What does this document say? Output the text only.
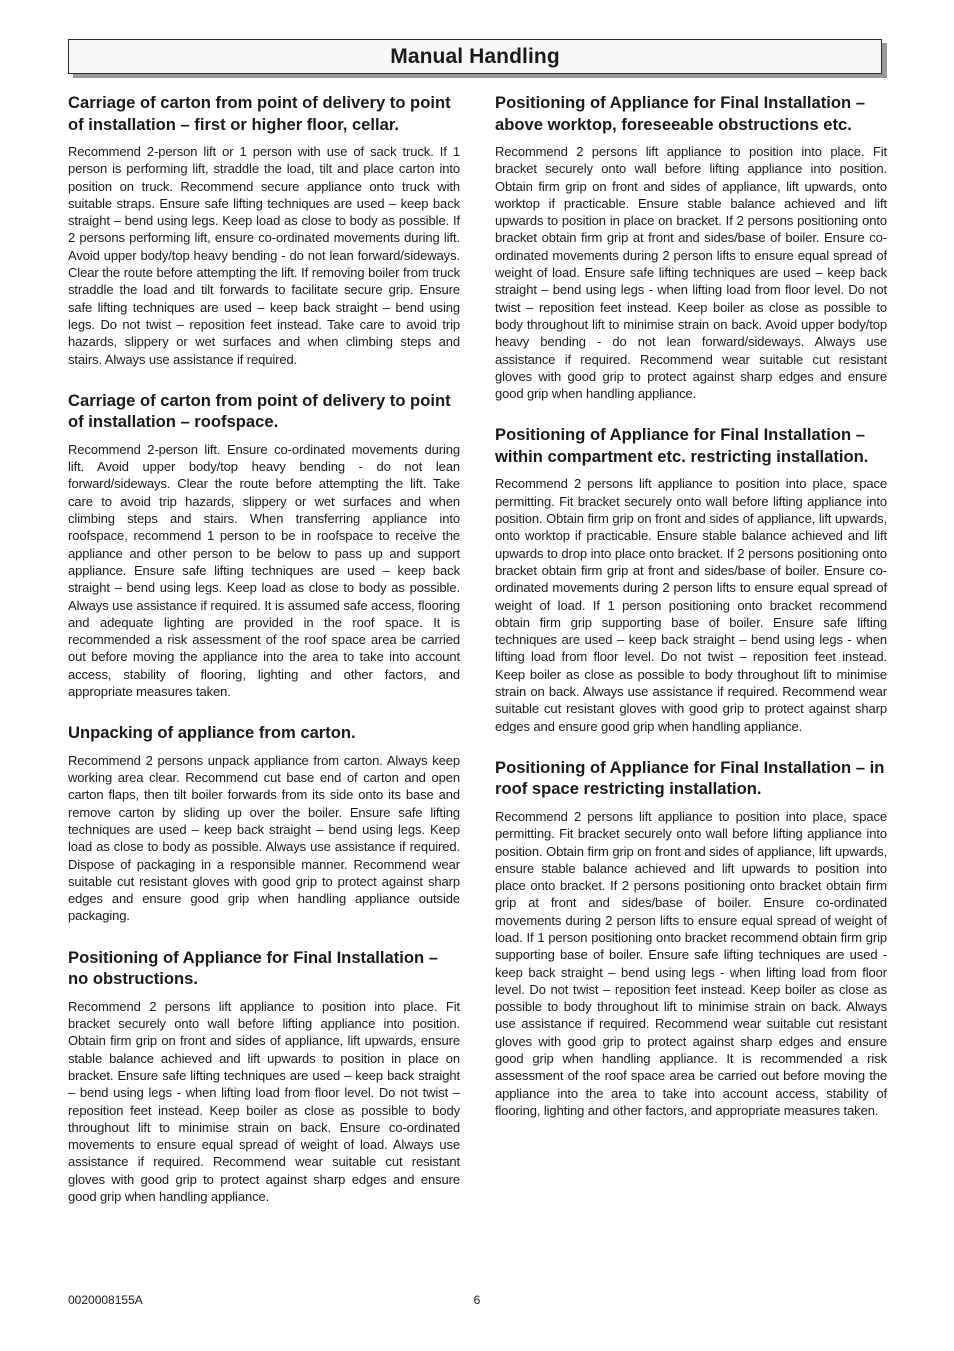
Manual Handling
Carriage of carton from point of delivery to point of installation – first or higher floor, cellar.

Recommend 2-person lift or 1 person with use of sack truck. If 1 person is performing lift, straddle the load, tilt and place carton into position on truck. Recommend secure appliance onto truck with suitable straps. Ensure safe lifting techniques are used – keep back straight – bend using legs. Keep load as close to body as possible. If 2 persons performing lift, ensure co-ordinated movements during lift. Avoid upper body/top heavy bending - do not lean forward/sideways. Clear the route before attempting the lift. If removing boiler from truck straddle the load and tilt forwards to facilitate secure grip. Ensure safe lifting techniques are used – keep back straight – bend using legs. Do not twist – reposition feet instead. Take care to avoid trip hazards, slippery or wet surfaces and when climbing steps and stairs. Always use assistance if required.

Carriage of carton from point of delivery to point of installation – roofspace.

Recommend 2-person lift. Ensure co-ordinated movements during lift. Avoid upper body/top heavy bending - do not lean forward/sideways. Clear the route before attempting the lift. Take care to avoid trip hazards, slippery or wet surfaces and when climbing steps and stairs. When transferring appliance into roofspace, recommend 1 person to be in roofspace to receive the appliance and other person to be below to pass up and support appliance. Ensure safe lifting techniques are used – keep back straight – bend using legs. Keep load as close to body as possible. Always use assistance if required. It is assumed safe access, flooring and adequate lighting are provided in the roof space. It is recommended a risk assessment of the roof space area be carried out before moving the appliance into the area to take into account access, stability of flooring, lighting and other factors, and appropriate measures taken.

Unpacking of appliance from carton.

Recommend 2 persons unpack appliance from carton. Always keep working area clear. Recommend cut base end of carton and open carton flaps, then tilt boiler forwards from its side onto its base and remove carton by sliding up over the boiler. Ensure safe lifting techniques are used – keep back straight – bend using legs. Keep load as close to body as possible. Always use assistance if required. Dispose of packaging in a responsible manner. Recommend wear suitable cut resistant gloves with good grip to protect against sharp edges and ensure good grip when handling appliance outside packaging.

Positioning of Appliance for Final Installation – no obstructions.

Recommend 2 persons lift appliance to position into place. Fit bracket securely onto wall before lifting appliance into position. Obtain firm grip on front and sides of appliance, lift upwards, ensure stable balance achieved and lift upwards to position in place on bracket. Ensure safe lifting techniques are used – keep back straight – bend using legs - when lifting load from floor level. Do not twist – reposition feet instead. Keep boiler as close as possible to body throughout lift to minimise strain on back. Ensure co-ordinated movements to ensure equal spread of weight of load. Always use assistance if required. Recommend wear suitable cut resistant gloves with good grip to protect against sharp edges and ensure good grip when handling appliance.

Positioning of Appliance for Final Installation – above worktop, foreseeable obstructions etc.

Recommend 2 persons lift appliance to position into place. Fit bracket securely onto wall before lifting appliance into position. Obtain firm grip on front and sides of appliance, lift upwards, onto worktop if practicable. Ensure stable balance achieved and lift upwards to position in place on bracket. If 2 persons positioning onto bracket obtain firm grip at front and sides/base of boiler. Ensure co-ordinated movements during 2 person lifts to ensure equal spread of weight of load. Ensure safe lifting techniques are used – keep back straight – bend using legs - when lifting load from floor level. Do not twist – reposition feet instead. Keep boiler as close as possible to body throughout lift to minimise strain on back. Avoid upper body/top heavy bending - do not lean forward/sideways. Always use assistance if required. Recommend wear suitable cut resistant gloves with good grip to protect against sharp edges and ensure good grip when handling appliance.

Positioning of Appliance for Final Installation – within compartment etc. restricting installation.

Recommend 2 persons lift appliance to position into place, space permitting. Fit bracket securely onto wall before lifting appliance into position. Obtain firm grip on front and sides of appliance, lift upwards, onto worktop if practicable. Ensure stable balance achieved and lift upwards to drop into place onto bracket. If 2 persons positioning onto bracket obtain firm grip at front and sides/base of boiler. Ensure co-ordinated movements during 2 person lifts to ensure equal spread of weight of load. If 1 person positioning onto bracket recommend obtain firm grip supporting base of boiler. Ensure safe lifting techniques are used – keep back straight – bend using legs - when lifting load from floor level. Do not twist – reposition feet instead. Keep boiler as close as possible to body throughout lift to minimise strain on back. Always use assistance if required. Recommend wear suitable cut resistant gloves with good grip to protect against sharp edges and ensure good grip when handling appliance.

Positioning of Appliance for Final Installation – in roof space restricting installation.

Recommend 2 persons lift appliance to position into place, space permitting. Fit bracket securely onto wall before lifting appliance into position. Obtain firm grip on front and sides of appliance, lift upwards, ensure stable balance achieved and lift upwards to position into place onto bracket. If 2 persons positioning onto bracket obtain firm grip at front and sides/base of boiler. Ensure co-ordinated movements during 2 person lifts to ensure equal spread of weight of load. If 1 person positioning onto bracket recommend obtain firm grip supporting base of boiler. Ensure safe lifting techniques are used - keep back straight – bend using legs - when lifting load from floor level. Do not twist – reposition feet instead. Keep boiler as close as possible to body throughout lift to minimise strain on back. Always use assistance if required. Recommend wear suitable cut resistant gloves with good grip to protect against sharp edges and ensure good grip when handling appliance. It is recommended a risk assessment of the roof space area be carried out before moving the appliance into the area to take into account access, stability of flooring, lighting and other factors, and appropriate measures taken.

0020008155A	6
